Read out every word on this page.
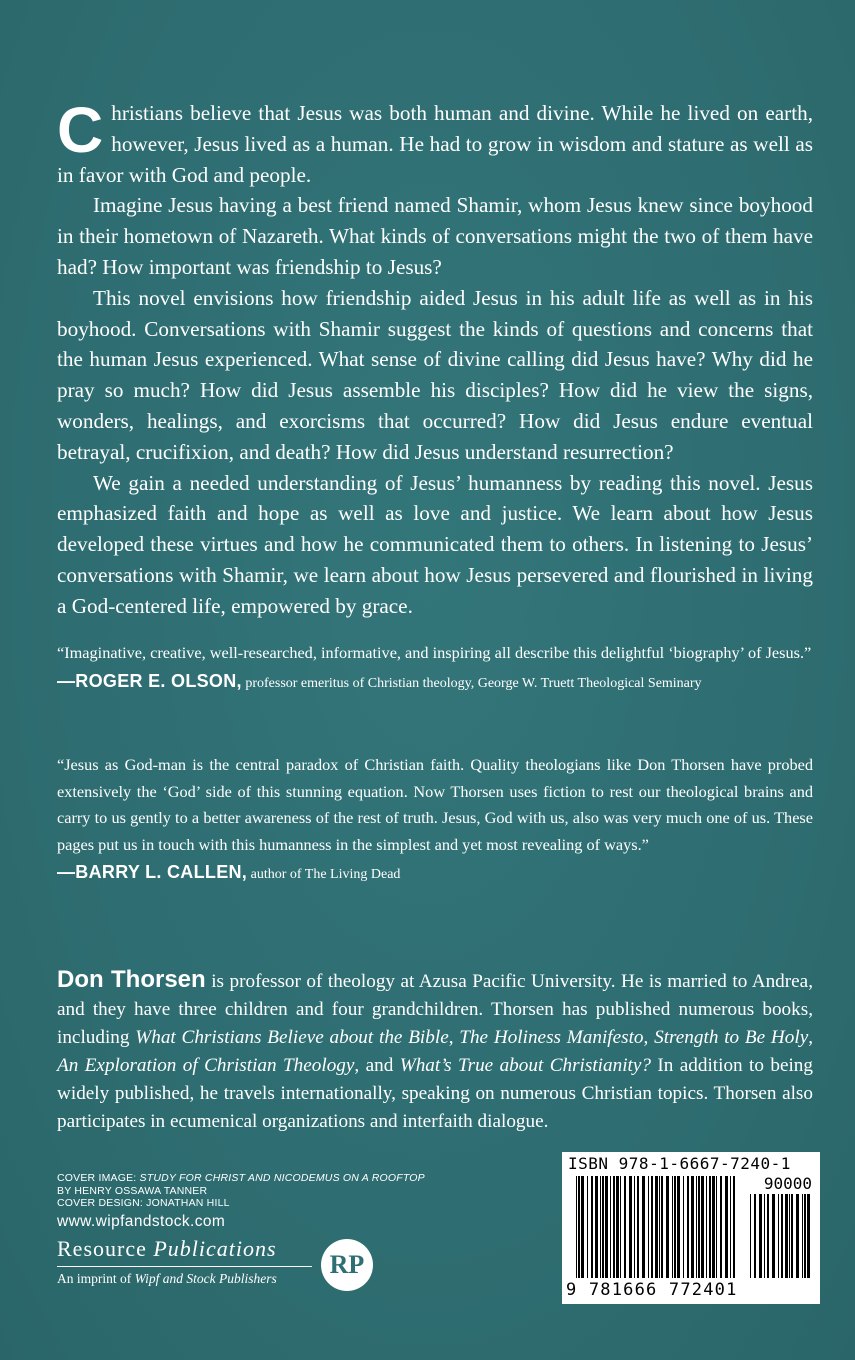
Christians believe that Jesus was both human and divine. While he lived on earth, however, Jesus lived as a human. He had to grow in wisdom and stature as well as in favor with God and people.

Imagine Jesus having a best friend named Shamir, whom Jesus knew since boyhood in their hometown of Nazareth. What kinds of conversations might the two of them have had? How important was friendship to Jesus?

This novel envisions how friendship aided Jesus in his adult life as well as in his boyhood. Conversations with Shamir suggest the kinds of questions and concerns that the human Jesus experienced. What sense of divine calling did Jesus have? Why did he pray so much? How did Jesus assemble his disciples? How did he view the signs, wonders, healings, and exorcisms that occurred? How did Jesus endure eventual betrayal, crucifixion, and death? How did Jesus understand resurrection?

We gain a needed understanding of Jesus’ humanness by reading this novel. Jesus emphasized faith and hope as well as love and justice. We learn about how Jesus developed these virtues and how he communicated them to others. In listening to Jesus’ conversations with Shamir, we learn about how Jesus persevered and flourished in living a God-centered life, empowered by grace.

“Imaginative, creative, well-researched, informative, and inspiring all describe this delightful ‘biography’ of Jesus.”

—ROGER E. OLSON, professor emeritus of Christian theology, George W. Truett Theological Seminary

“Jesus as God-man is the central paradox of Christian faith. Quality theologians like Don Thorsen have probed extensively the ‘God’ side of this stunning equation. Now Thorsen uses fiction to rest our theological brains and carry to us gently to a better awareness of the rest of truth. Jesus, God with us, also was very much one of us. These pages put us in touch with this humanness in the simplest and yet most revealing of ways.”

—BARRY L. CALLEN, author of The Living Dead

Don Thorsen is professor of theology at Azusa Pacific University. He is married to Andrea, and they have three children and four grandchildren. Thorsen has published numerous books, including What Christians Believe about the Bible, The Holiness Manifesto, Strength to Be Holy, An Exploration of Christian Theology, and What’s True about Christianity? In addition to being widely published, he travels internationally, speaking on numerous Christian topics. Thorsen also participates in ecumenical organizations and interfaith dialogue.

COVER IMAGE: STUDY FOR CHRIST AND NICODEMUS ON A ROOFTOP
BY HENRY OSSAWA TANNER
COVER DESIGN: JONATHAN HILL
www.wipfandstock.com
Resource Publications
An imprint of Wipf and Stock Publishers	RP
ISBN 978-1-6667-7240-1
90000
9 781666 772401
